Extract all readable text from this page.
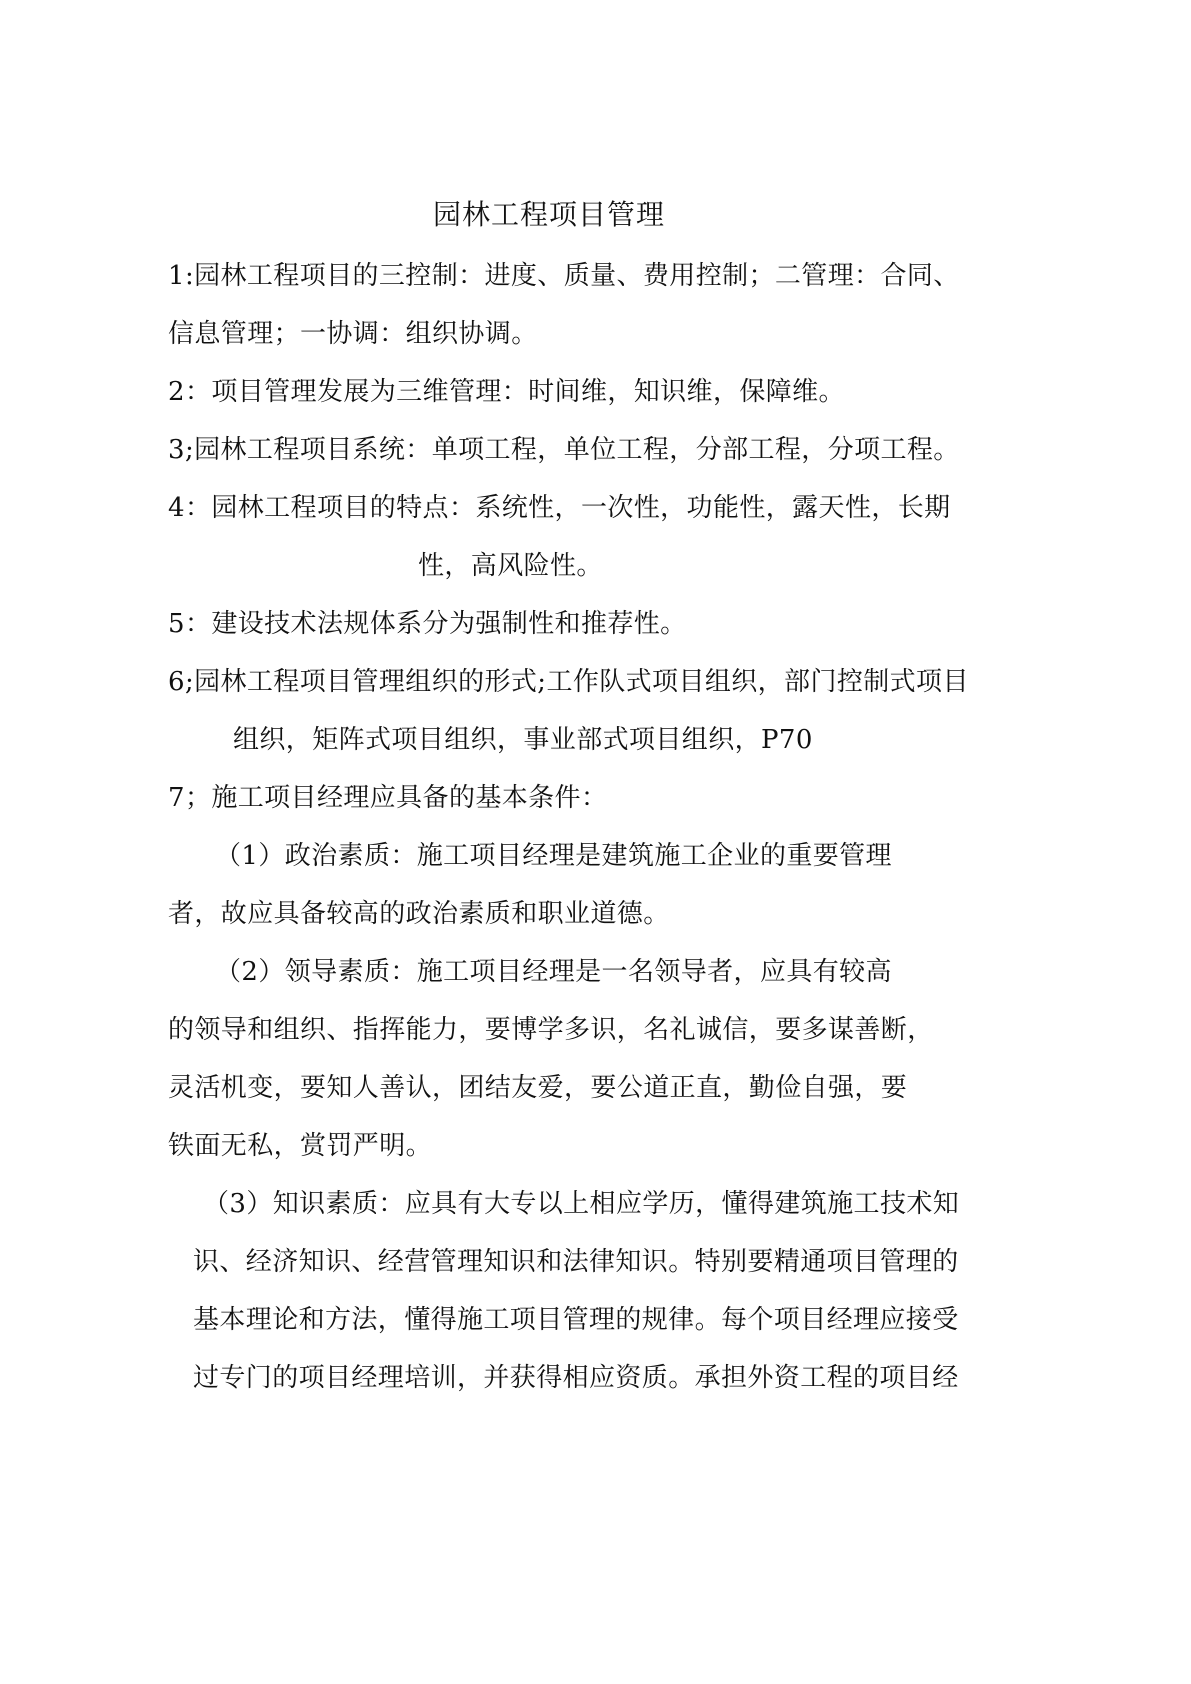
园林工程项目管理
1:园林工程项目的三控制：进度、质量、费用控制；二管理：合同、
信息管理；一协调：组织协调。
2：项目管理发展为三维管理：时间维，知识维，保障维。
3;园林工程项目系统：单项工程，单位工程，分部工程，分项工程。
4：园林工程项目的特点：系统性，一次性，功能性，露天性，长期
性，高风险性。
5：建设技术法规体系分为强制性和推荐性。
6;园林工程项目管理组织的形式;工作队式项目组织，部门控制式项目
组织，矩阵式项目组织，事业部式项目组织，P70
7；施工项目经理应具备的基本条件：
（1）政治素质：施工项目经理是建筑施工企业的重要管理
者，故应具备较高的政治素质和职业道德。
（2）领导素质：施工项目经理是一名领导者，应具有较高
的领导和组织、指挥能力，要博学多识，名礼诚信，要多谋善断，
灵活机变，要知人善认，团结友爱，要公道正直，勤俭自强，要
铁面无私，赏罚严明。
（3）知识素质：应具有大专以上相应学历，懂得建筑施工技术知
识、经济知识、经营管理知识和法律知识。特别要精通项目管理的
基本理论和方法，懂得施工项目管理的规律。每个项目经理应接受
过专门的项目经理培训，并获得相应资质。承担外资工程的项目经
